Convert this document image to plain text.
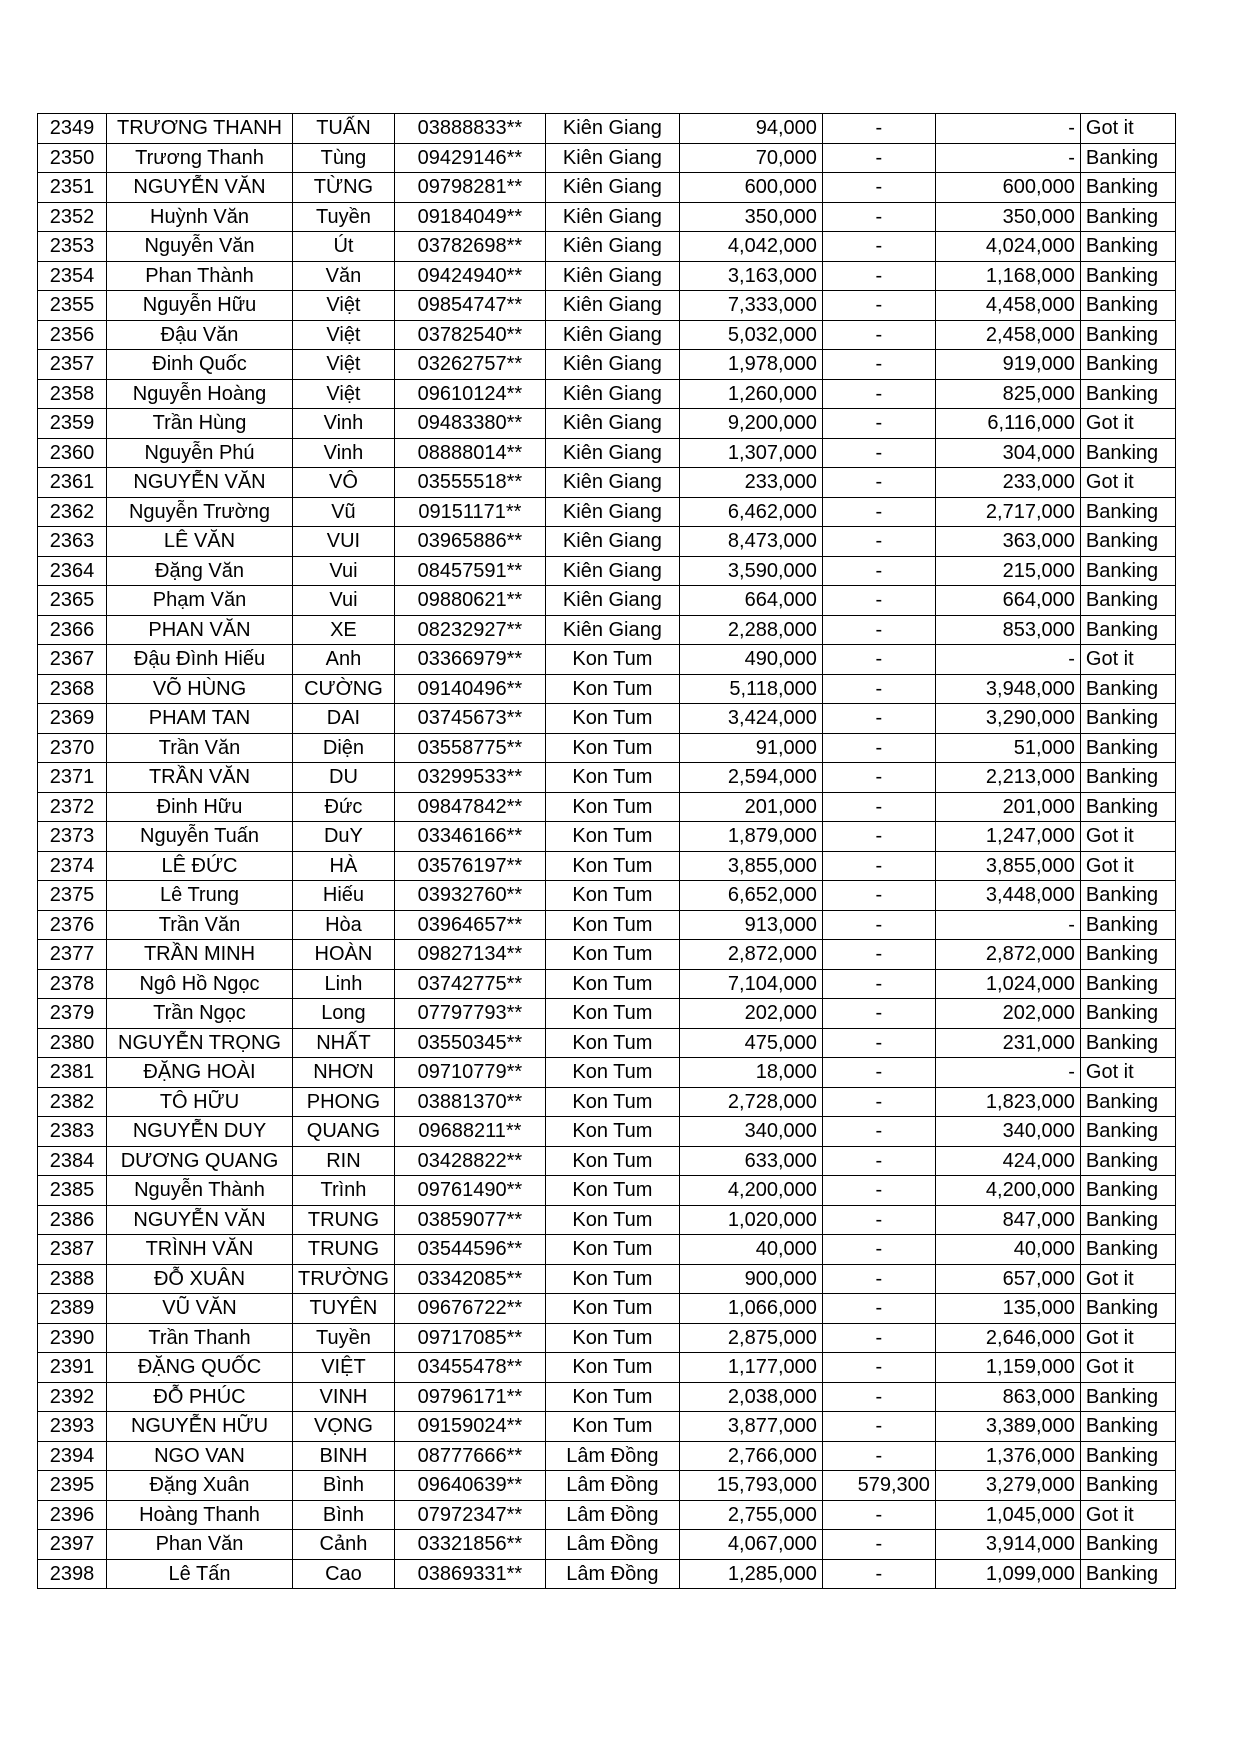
2349	TRƯƠNG THANH	TUẤN	03888833**	Kiên Giang	94,000	-	-	Got it
2350	Trương Thanh	Tùng	09429146**	Kiên Giang	70,000	-	-	Banking
2351	NGUYỄN VĂN	TỪNG	09798281**	Kiên Giang	600,000	-	600,000	Banking
2352	Huỳnh Văn	Tuyền	09184049**	Kiên Giang	350,000	-	350,000	Banking
2353	Nguyễn Văn	Út	03782698**	Kiên Giang	4,042,000	-	4,024,000	Banking
2354	Phan Thành	Văn	09424940**	Kiên Giang	3,163,000	-	1,168,000	Banking
2355	Nguyễn Hữu	Việt	09854747**	Kiên Giang	7,333,000	-	4,458,000	Banking
2356	Đậu Văn	Việt	03782540**	Kiên Giang	5,032,000	-	2,458,000	Banking
2357	Đinh Quốc	Việt	03262757**	Kiên Giang	1,978,000	-	919,000	Banking
2358	Nguyễn Hoàng	Việt	09610124**	Kiên Giang	1,260,000	-	825,000	Banking
2359	Trần Hùng	Vinh	09483380**	Kiên Giang	9,200,000	-	6,116,000	Got it
2360	Nguyễn Phú	Vinh	08888014**	Kiên Giang	1,307,000	-	304,000	Banking
2361	NGUYỄN VĂN	VÔ	03555518**	Kiên Giang	233,000	-	233,000	Got it
2362	Nguyễn Trường	Vũ	09151171**	Kiên Giang	6,462,000	-	2,717,000	Banking
2363	LÊ VĂN	VUI	03965886**	Kiên Giang	8,473,000	-	363,000	Banking
2364	Đặng Văn	Vui	08457591**	Kiên Giang	3,590,000	-	215,000	Banking
2365	Phạm Văn	Vui	09880621**	Kiên Giang	664,000	-	664,000	Banking
2366	PHAN VĂN	XE	08232927**	Kiên Giang	2,288,000	-	853,000	Banking
2367	Đậu Đình Hiếu	Anh	03366979**	Kon Tum	490,000	-	-	Got it
2368	VÕ HÙNG	CƯỜNG	09140496**	Kon Tum	5,118,000	-	3,948,000	Banking
2369	PHAM TAN	DAI	03745673**	Kon Tum	3,424,000	-	3,290,000	Banking
2370	Trần Văn	Diện	03558775**	Kon Tum	91,000	-	51,000	Banking
2371	TRẦN VĂN	DU	03299533**	Kon Tum	2,594,000	-	2,213,000	Banking
2372	Đinh Hữu	Đức	09847842**	Kon Tum	201,000	-	201,000	Banking
2373	Nguyễn Tuấn	DuY	03346166**	Kon Tum	1,879,000	-	1,247,000	Got it
2374	LÊ ĐỨC	HÀ	03576197**	Kon Tum	3,855,000	-	3,855,000	Got it
2375	Lê Trung	Hiếu	03932760**	Kon Tum	6,652,000	-	3,448,000	Banking
2376	Trần Văn	Hòa	03964657**	Kon Tum	913,000	-	-	Banking
2377	TRẦN MINH	HOÀN	09827134**	Kon Tum	2,872,000	-	2,872,000	Banking
2378	Ngô Hồ Ngọc	Linh	03742775**	Kon Tum	7,104,000	-	1,024,000	Banking
2379	Trần Ngọc	Long	07797793**	Kon Tum	202,000	-	202,000	Banking
2380	NGUYỄN TRỌNG	NHẤT	03550345**	Kon Tum	475,000	-	231,000	Banking
2381	ĐẶNG HOÀI	NHƠN	09710779**	Kon Tum	18,000	-	-	Got it
2382	TÔ HỮU	PHONG	03881370**	Kon Tum	2,728,000	-	1,823,000	Banking
2383	NGUYỄN DUY	QUANG	09688211**	Kon Tum	340,000	-	340,000	Banking
2384	DƯƠNG QUANG	RIN	03428822**	Kon Tum	633,000	-	424,000	Banking
2385	Nguyễn Thành	Trình	09761490**	Kon Tum	4,200,000	-	4,200,000	Banking
2386	NGUYỄN VĂN	TRUNG	03859077**	Kon Tum	1,020,000	-	847,000	Banking
2387	TRÌNH VĂN	TRUNG	03544596**	Kon Tum	40,000	-	40,000	Banking
2388	ĐỖ XUÂN	TRƯỜNG	03342085**	Kon Tum	900,000	-	657,000	Got it
2389	VŨ VĂN	TUYÊN	09676722**	Kon Tum	1,066,000	-	135,000	Banking
2390	Trần Thanh	Tuyền	09717085**	Kon Tum	2,875,000	-	2,646,000	Got it
2391	ĐẶNG QUỐC	VIỆT	03455478**	Kon Tum	1,177,000	-	1,159,000	Got it
2392	ĐỖ PHÚC	VINH	09796171**	Kon Tum	2,038,000	-	863,000	Banking
2393	NGUYỄN HỮU	VỌNG	09159024**	Kon Tum	3,877,000	-	3,389,000	Banking
2394	NGO VAN	BINH	08777666**	Lâm Đồng	2,766,000	-	1,376,000	Banking
2395	Đặng Xuân	Bình	09640639**	Lâm Đồng	15,793,000	579,300	3,279,000	Banking
2396	Hoàng Thanh	Bình	07972347**	Lâm Đồng	2,755,000	-	1,045,000	Got it
2397	Phan Văn	Cảnh	03321856**	Lâm Đồng	4,067,000	-	3,914,000	Banking
2398	Lê Tấn	Cao	03869331**	Lâm Đồng	1,285,000	-	1,099,000	Banking
